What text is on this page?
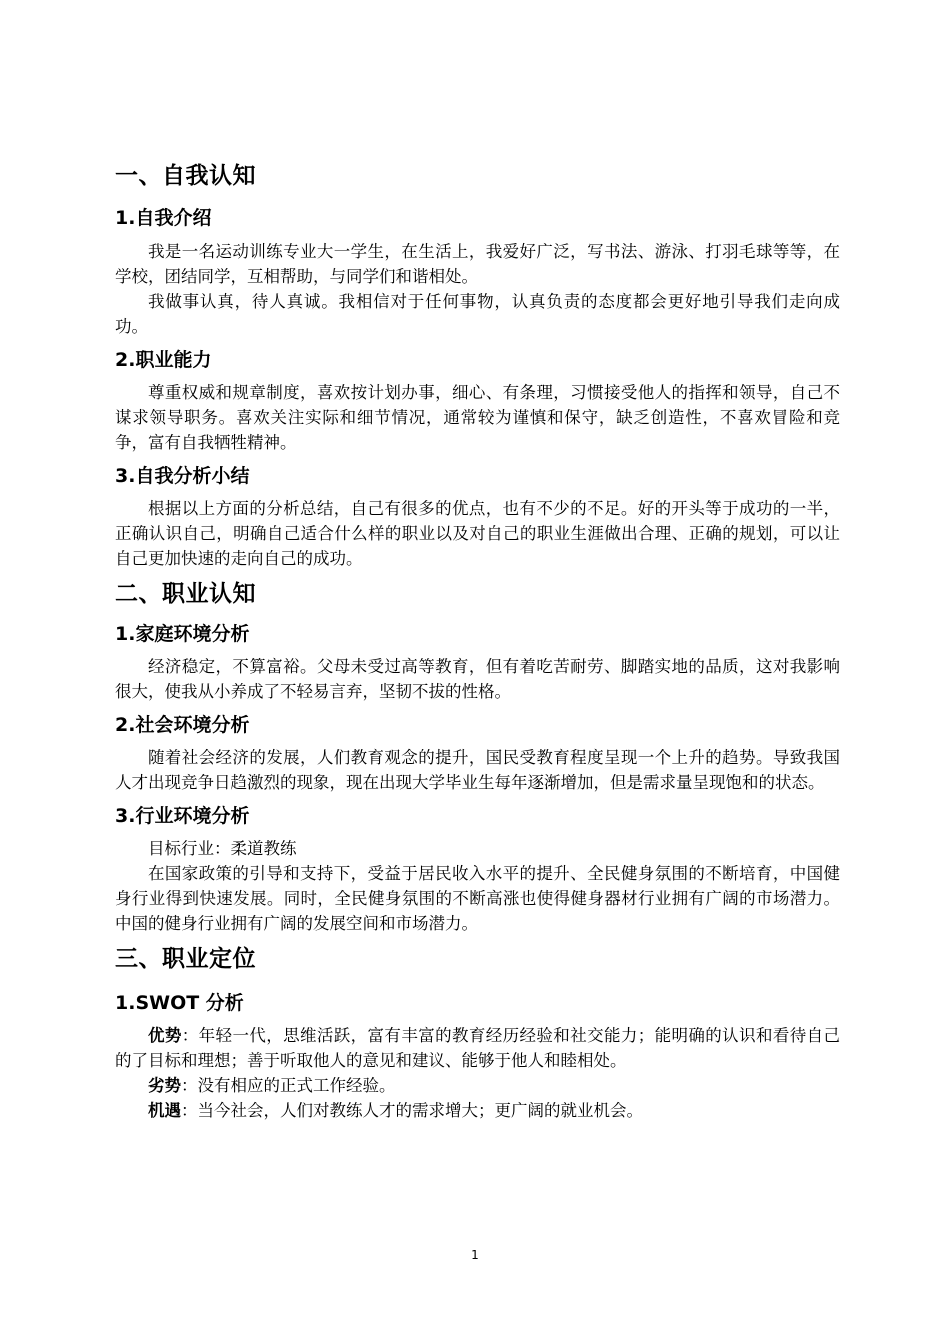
一、自我认知
1.自我介绍

我是一名运动训练专业大一学生，在生活上，我爱好广泛，写书法、游泳、打羽毛球等等，在学校，团结同学，互相帮助，与同学们和谐相处。

我做事认真，待人真诚。我相信对于任何事物，认真负责的态度都会更好地引导我们走向成功。

2.职业能力

尊重权威和规章制度，喜欢按计划办事，细心、有条理，习惯接受他人的指挥和领导，自己不谋求领导职务。喜欢关注实际和细节情况，通常较为谨慎和保守，缺乏创造性，不喜欢冒险和竞争，富有自我牺牲精神。

3.自我分析小结

根据以上方面的分析总结，自己有很多的优点，也有不少的不足。好的开头等于成功的一半，正确认识自己，明确自己适合什么样的职业以及对自己的职业生涯做出合理、正确的规划，可以让自己更加快速的走向自己的成功。

二、职业认知
1.家庭环境分析

经济稳定，不算富裕。父母未受过高等教育，但有着吃苦耐劳、脚踏实地的品质，这对我影响很大，使我从小养成了不轻易言弃，坚韧不拔的性格。

2.社会环境分析

随着社会经济的发展，人们教育观念的提升，国民受教育程度呈现一个上升的趋势。导致我国人才出现竞争日趋激烈的现象，现在出现大学毕业生每年逐渐增加，但是需求量呈现饱和的状态。

3.行业环境分析

目标行业：柔道教练

在国家政策的引导和支持下，受益于居民收入水平的提升、全民健身氛围的不断培育，中国健身行业得到快速发展。同时，全民健身氛围的不断高涨也使得健身器材行业拥有广阔的市场潜力。中国的健身行业拥有广阔的发展空间和市场潜力。

三、职业定位
1.SWOT 分析

优势：年轻一代，思维活跃，富有丰富的教育经历经验和社交能力；能明确的认识和看待自己的了目标和理想；善于听取他人的意见和建议、能够于他人和睦相处。

劣势：没有相应的正式工作经验。

机遇：当今社会，人们对教练人才的需求增大；更广阔的就业机会。

1
